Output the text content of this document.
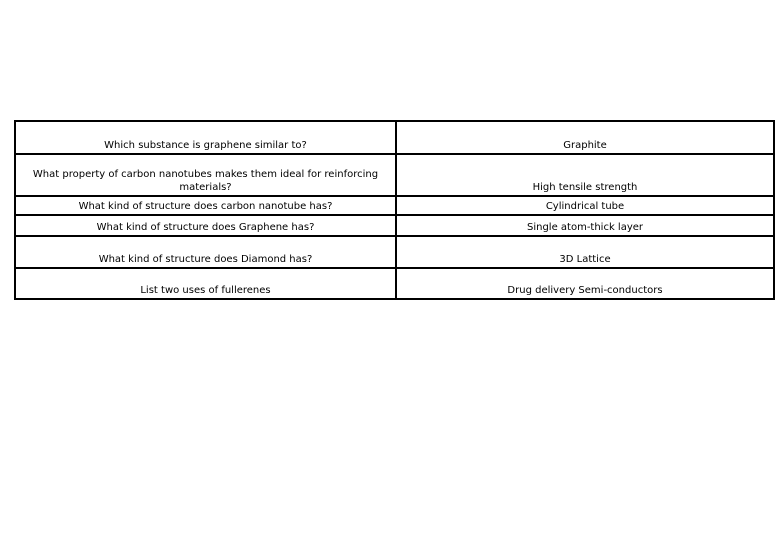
Which substance is graphene similar to?	Graphite
What property of carbon nanotubes makes them ideal for reinforcing materials?	High tensile strength
What kind of structure does carbon nanotube has?	Cylindrical tube
What kind of structure does Graphene has?	Single atom-thick layer
What kind of structure does Diamond has?	3D Lattice
List two uses of fullerenes	Drug delivery Semi-conductors
